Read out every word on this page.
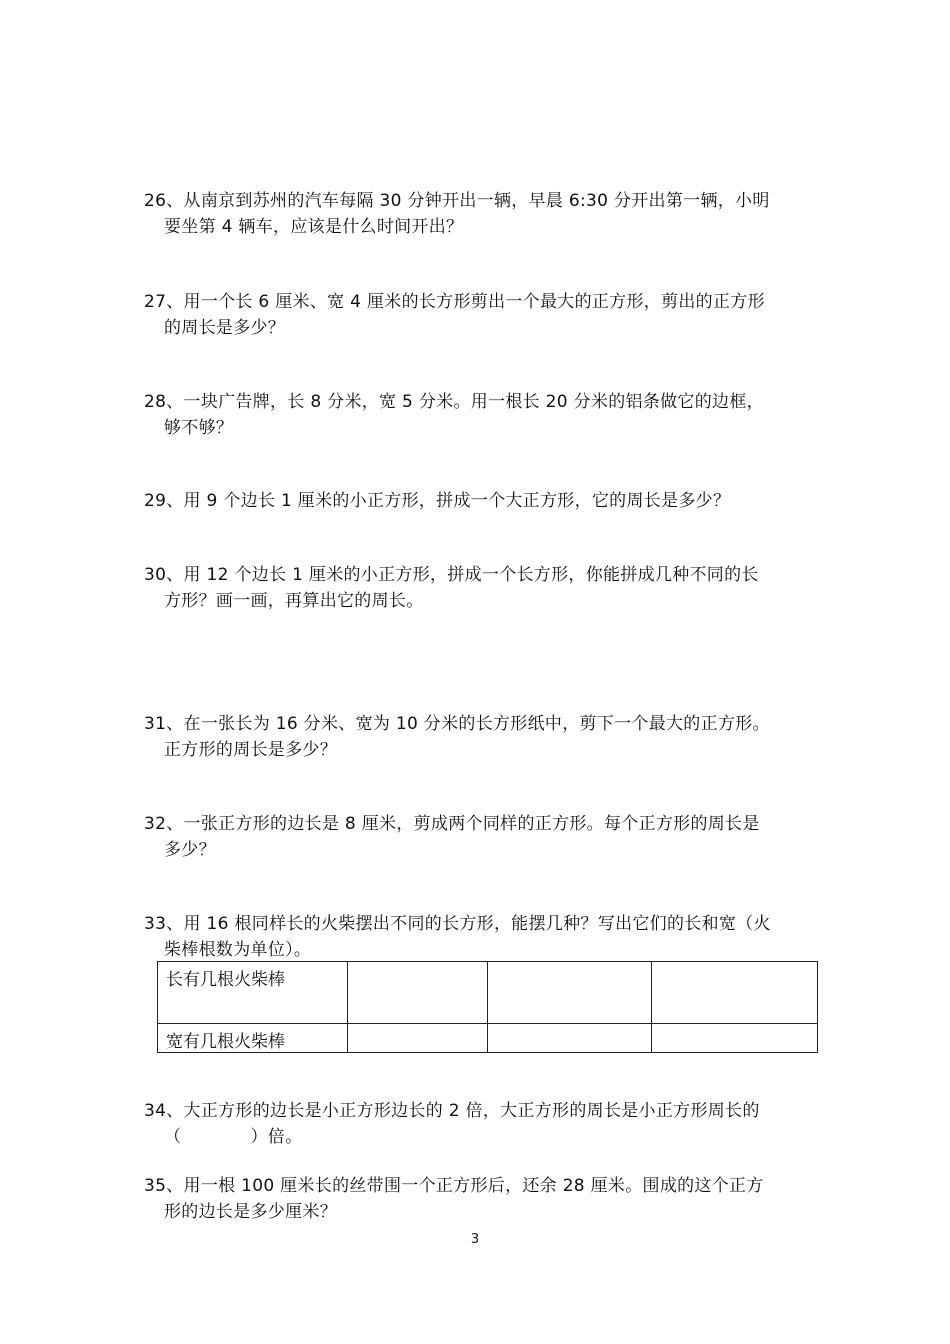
26、从南京到苏州的汽车每隔 30 分钟开出一辆，早晨 6:30 分开出第一辆，小明
要坐第 4 辆车，应该是什么时间开出？
27、用一个长 6 厘米、宽 4 厘米的长方形剪出一个最大的正方形，剪出的正方形
的周长是多少？
28、一块广告牌，长 8 分米，宽 5 分米。用一根长 20 分米的铝条做它的边框，
够不够？
29、用 9 个边长 1 厘米的小正方形，拼成一个大正方形，它的周长是多少？
30、用 12 个边长 1 厘米的小正方形，拼成一个长方形，你能拼成几种不同的长
方形？画一画，再算出它的周长。
31、在一张长为 16 分米、宽为 10 分米的长方形纸中，剪下一个最大的正方形。
正方形的周长是多少？
32、一张正方形的边长是 8 厘米，剪成两个同样的正方形。每个正方形的周长是
多少？
33、用 16 根同样长的火柴摆出不同的长方形，能摆几种？写出它们的长和宽（火
柴棒根数为单位）。
长有几根火柴棒			
宽有几根火柴棒			
34、大正方形的边长是小正方形边长的 2 倍，大正方形的周长是小正方形周长的
（　　　　）倍。
35、用一根 100 厘米长的丝带围一个正方形后，还余 28 厘米。围成的这个正方
形的边长是多少厘米？
3
